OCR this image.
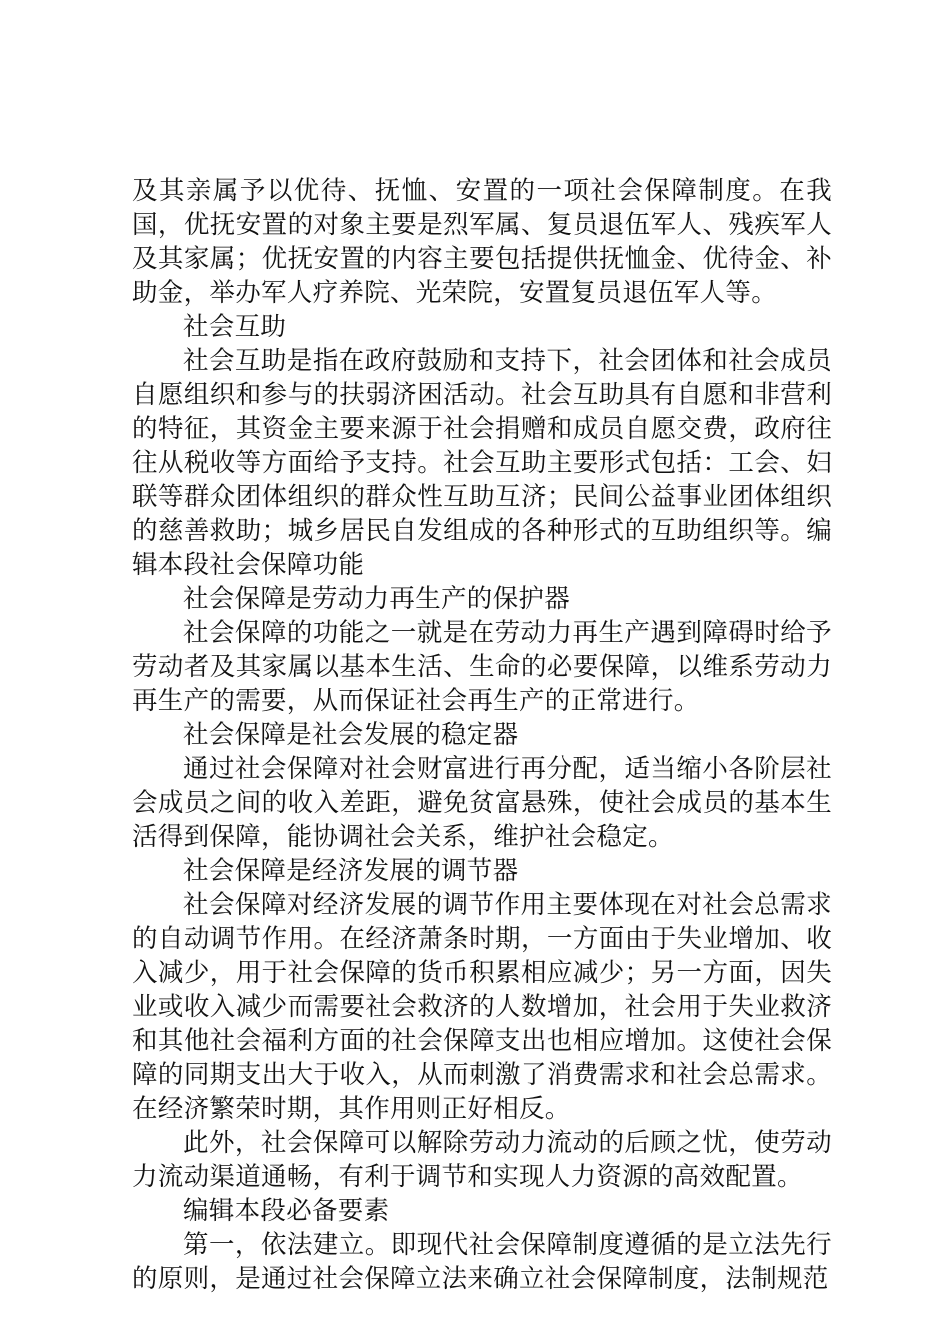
及其亲属予以优待、抚恤、安置的一项社会保障制度。在我国，优抚安置的对象主要是烈军属、复员退伍军人、残疾军人及其家属；优抚安置的内容主要包括提供抚恤金、优待金、补助金，举办军人疗养院、光荣院，安置复员退伍军人等。

社会互助

社会互助是指在政府鼓励和支持下，社会团体和社会成员自愿组织和参与的扶弱济困活动。社会互助具有自愿和非营利的特征，其资金主要来源于社会捐赠和成员自愿交费，政府往往从税收等方面给予支持。社会互助主要形式包括：工会、妇联等群众团体组织的群众性互助互济；民间公益事业团体组织的慈善救助；城乡居民自发组成的各种形式的互助组织等。编辑本段社会保障功能

社会保障是劳动力再生产的保护器

社会保障的功能之一就是在劳动力再生产遇到障碍时给予劳动者及其家属以基本生活、生命的必要保障，以维系劳动力再生产的需要，从而保证社会再生产的正常进行。

社会保障是社会发展的稳定器

通过社会保障对社会财富进行再分配，适当缩小各阶层社会成员之间的收入差距，避免贫富悬殊，使社会成员的基本生活得到保障，能协调社会关系，维护社会稳定。

社会保障是经济发展的调节器

社会保障对经济发展的调节作用主要体现在对社会总需求的自动调节作用。在经济萧条时期，一方面由于失业增加、收入减少，用于社会保障的货币积累相应减少；另一方面，因失业或收入减少而需要社会救济的人数增加，社会用于失业救济和其他社会福利方面的社会保障支出也相应增加。这使社会保障的同期支出大于收入，从而刺激了消费需求和社会总需求。在经济繁荣时期，其作用则正好相反。

此外，社会保障可以解除劳动力流动的后顾之忧，使劳动力流动渠道通畅，有利于调节和实现人力资源的高效配置。

编辑本段必备要素

第一，依法建立。即现代社会保障制度遵循的是立法先行的原则，是通过社会保障立法来确立社会保障制度，法制规范
